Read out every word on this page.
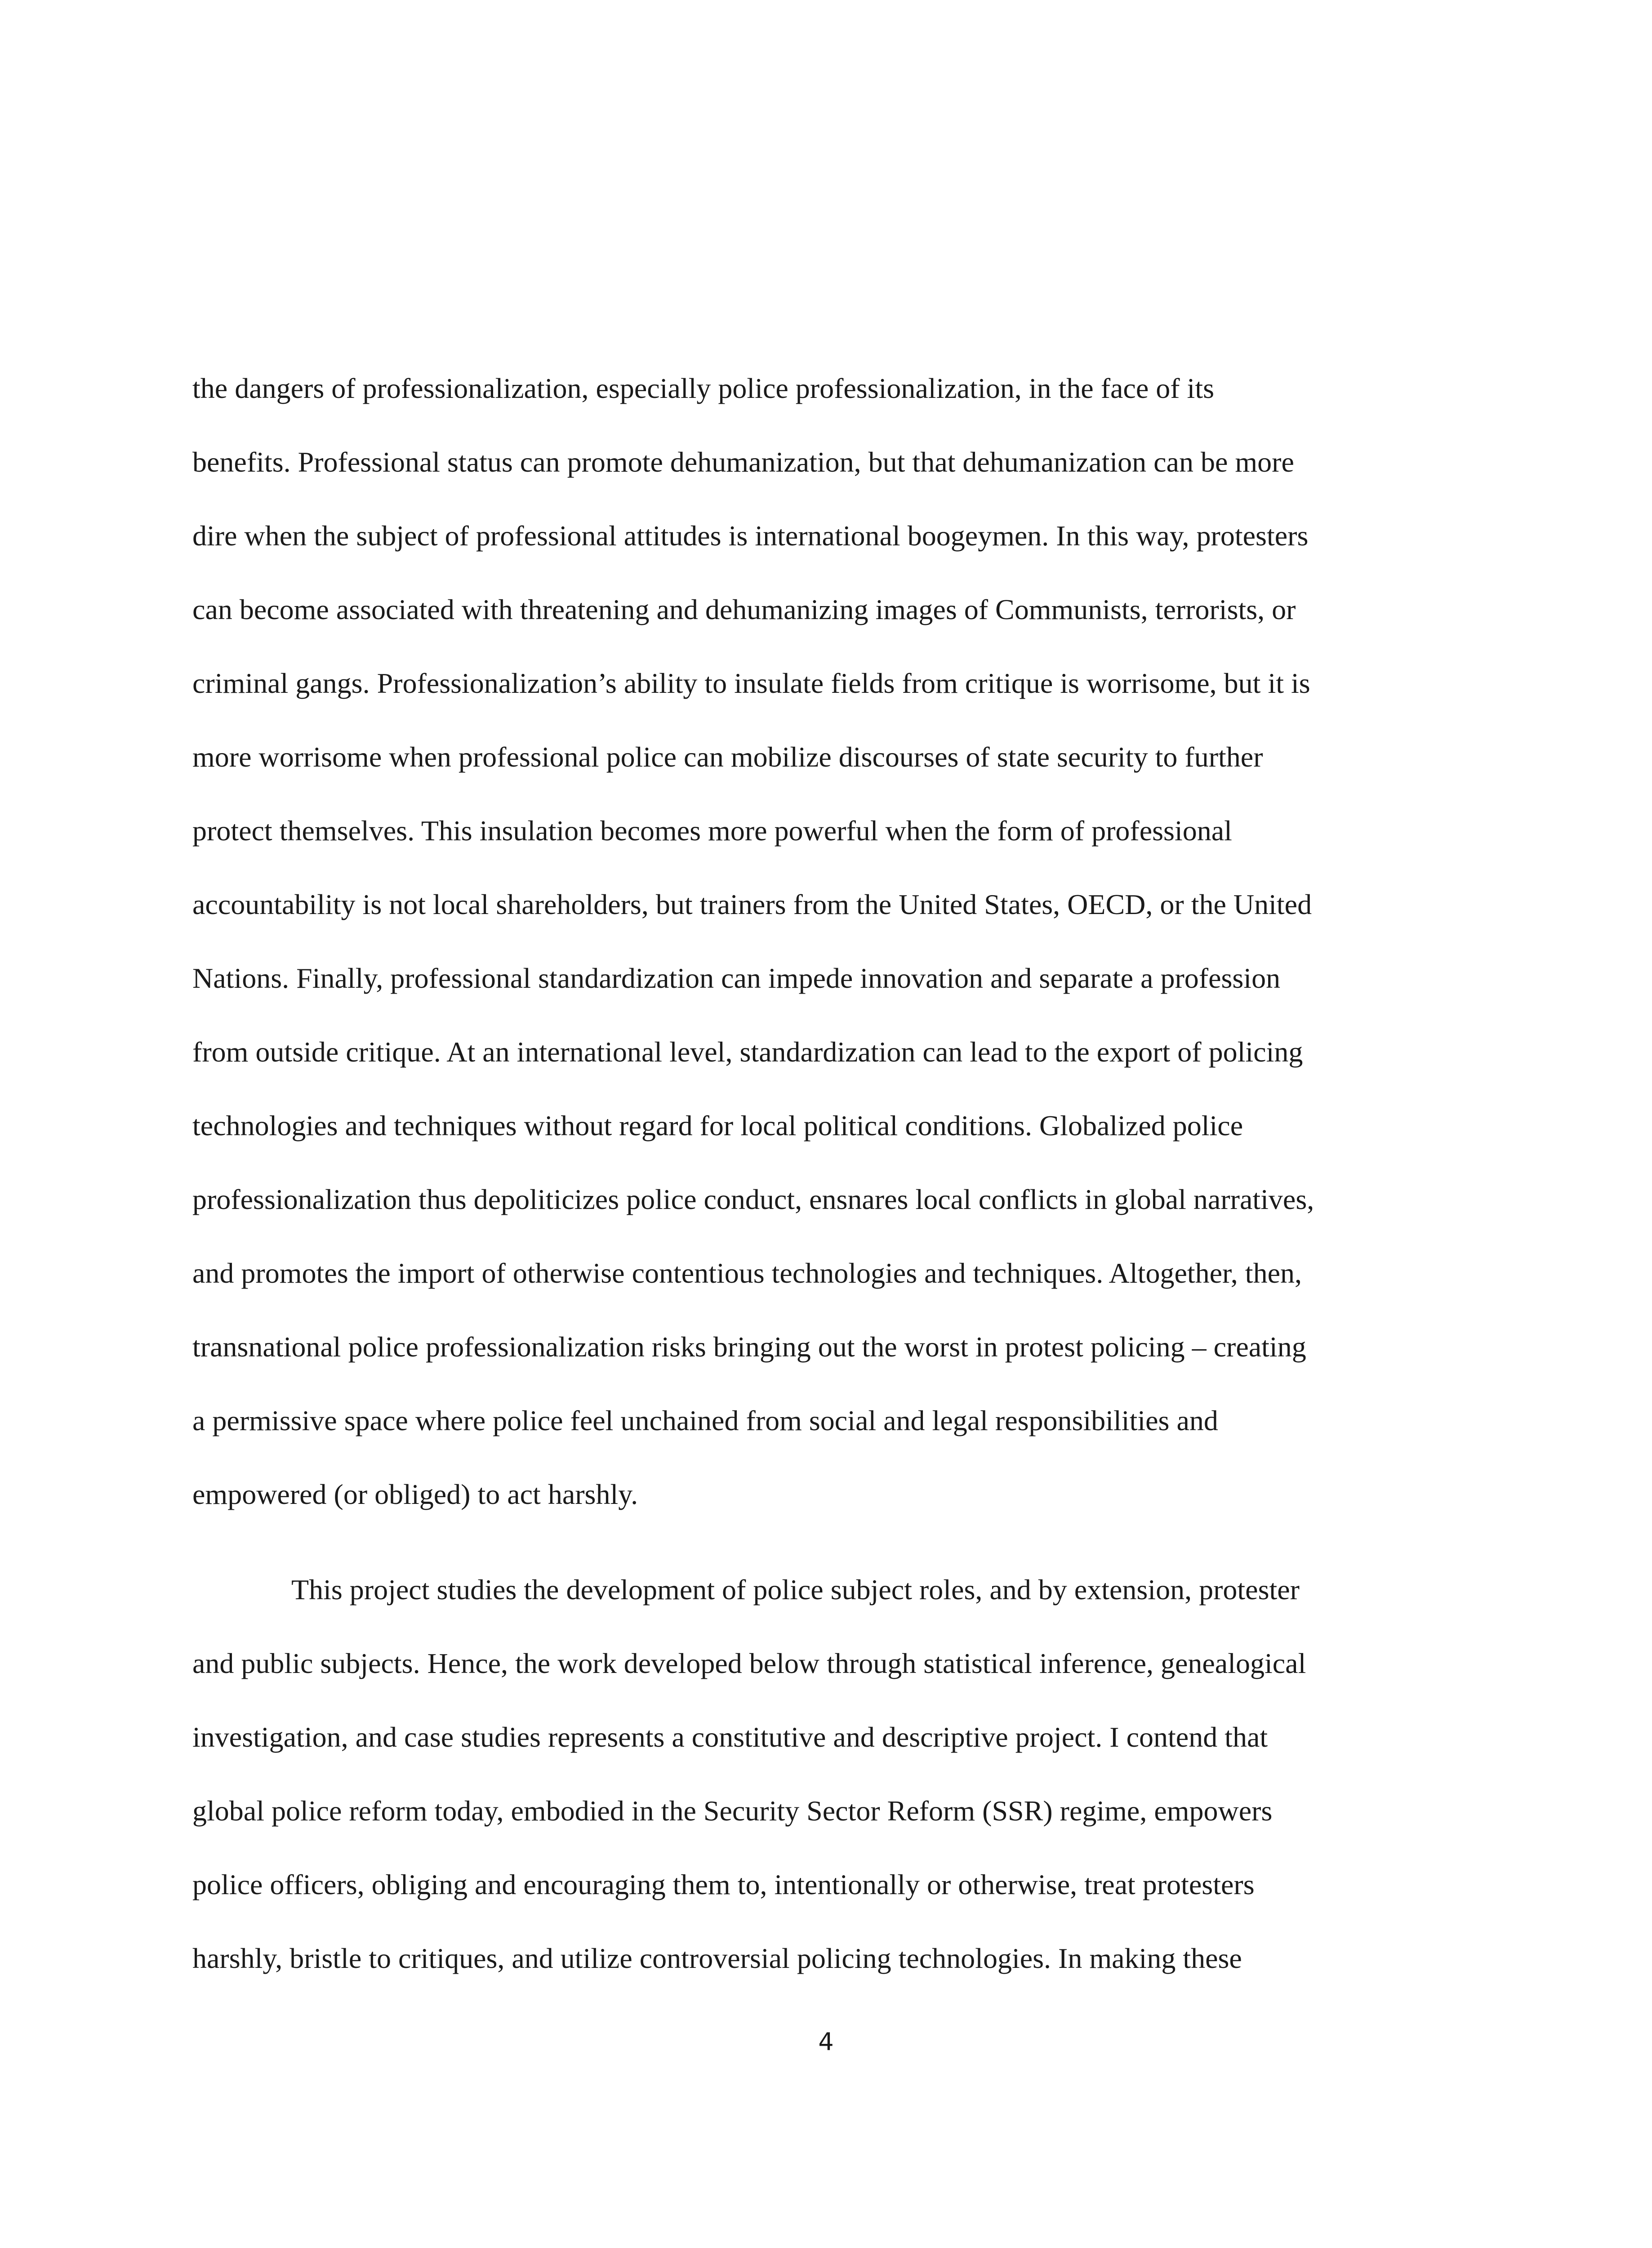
the dangers of professionalization, especially police professionalization, in the face of its
benefits. Professional status can promote dehumanization, but that dehumanization can be more
dire when the subject of professional attitudes is international boogeymen. In this way, protesters
can become associated with threatening and dehumanizing images of Communists, terrorists, or
criminal gangs. Professionalization’s ability to insulate fields from critique is worrisome, but it is
more worrisome when professional police can mobilize discourses of state security to further
protect themselves. This insulation becomes more powerful when the form of professional
accountability is not local shareholders, but trainers from the United States, OECD, or the United
Nations. Finally, professional standardization can impede innovation and separate a profession
from outside critique. At an international level, standardization can lead to the export of policing
technologies and techniques without regard for local political conditions. Globalized police
professionalization thus depoliticizes police conduct, ensnares local conflicts in global narratives,
and promotes the import of otherwise contentious technologies and techniques. Altogether, then,
transnational police professionalization risks bringing out the worst in protest policing – creating
a permissive space where police feel unchained from social and legal responsibilities and
empowered (or obliged) to act harshly.
This project studies the development of police subject roles, and by extension, protester
and public subjects. Hence, the work developed below through statistical inference, genealogical
investigation, and case studies represents a constitutive and descriptive project. I contend that
global police reform today, embodied in the Security Sector Reform (SSR) regime, empowers
police officers, obliging and encouraging them to, intentionally or otherwise, treat protesters
harshly, bristle to critiques, and utilize controversial policing technologies. In making these
4
